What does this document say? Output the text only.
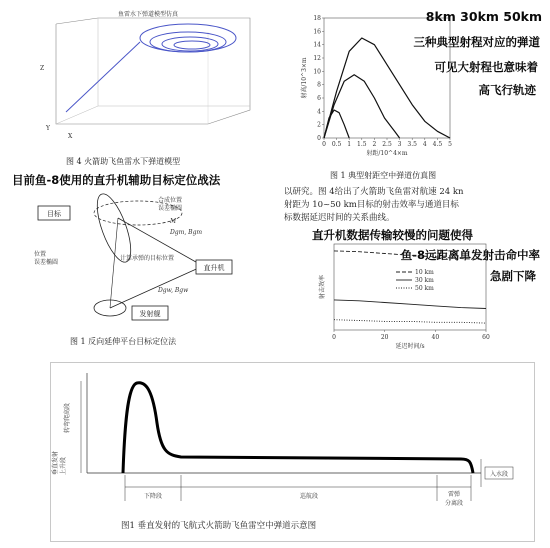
鱼雷水下弹道模型仿真
Z
X
Y
图 4 火箭助飞鱼雷水下弹道模型
目前鱼-8使用的直升机辅助目标定位战法
目标
合成位置
误差椭圆
M
Dgm, Bgm
Dgw, Bgw
计算承弹的目标位置
位置
误差椭圆
直升机
发射舰
图 1 反向延伸平台目标定位法
0 0.5 1 1.5 2 2.5 3 3.5 4 4.5 5
0
2
4
6
8
10
12
14
16
18
射高/10^3×m
射距/10^4×m
图 1 典型射距空中弹道仿真图
8km 30km 50km
三种典型射程对应的弹道
可见大射程也意味着
高飞行轨迹
以研究。图 4给出了火箭助飞鱼雷对航速 24 kn
射距为 10~50 km目标的射击效率与通道目标
标数据延迟时间的关系曲线。
直升机数据传输较慢的问题使得
鱼-8远距离单发射击命中率
急剧下降
0	20	40	60
射击效率
延迟时间/s
10 km
30 km
50 km
转弯爬高段
垂直发射 上升段
下降段	巡航段	雷弹
分离段
入水段
图1 垂直发射的飞航式火箭助飞鱼雷空中弹道示意图
